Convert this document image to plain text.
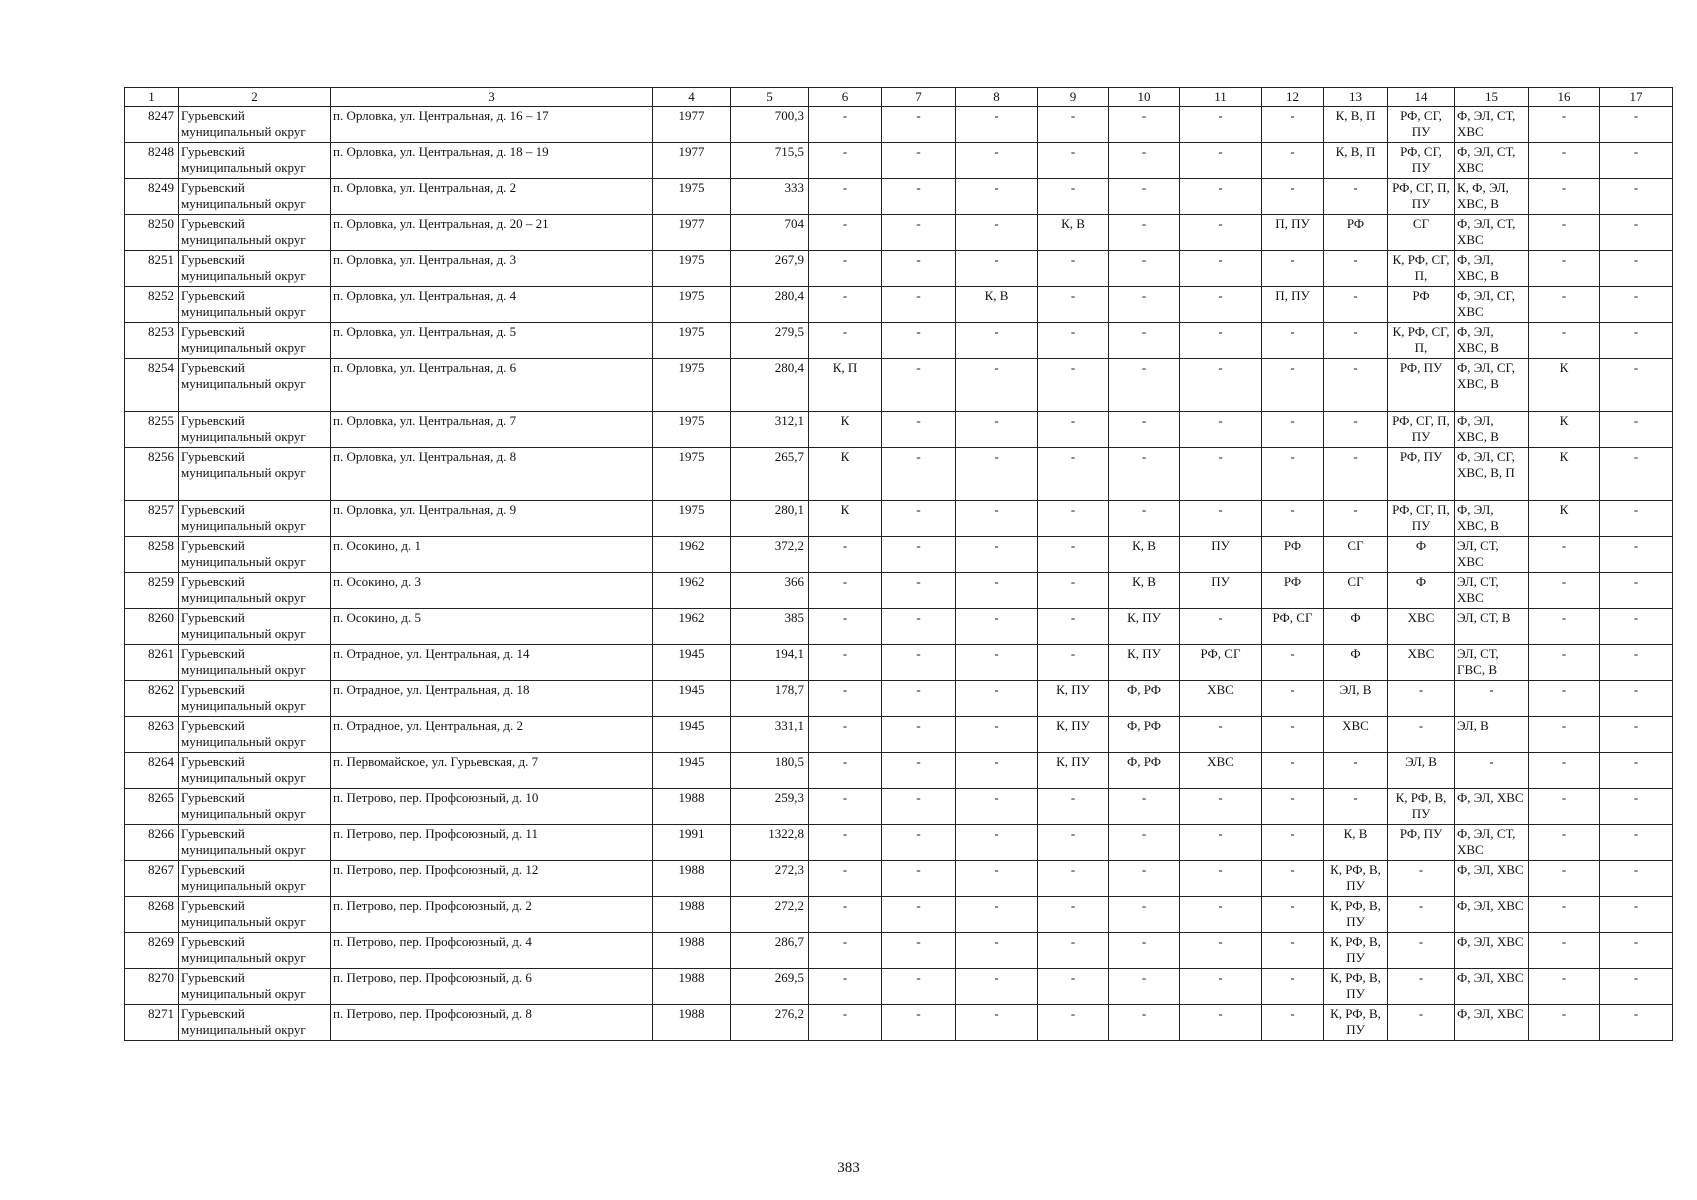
1	2	3	4	5	6	7	8	9	10	11	12	13	14	15	16	17
8247	Гурьевский муниципальный округ	п. Орловка, ул. Центральная, д. 16 – 17	1977	700,3	-	-	-	-	-	-	-	К, В, П	РФ, СГ, ПУ	Ф, ЭЛ, СТ, ХВС	-	-
8248	Гурьевский муниципальный округ	п. Орловка, ул. Центральная, д. 18 – 19	1977	715,5	-	-	-	-	-	-	-	К, В, П	РФ, СГ, ПУ	Ф, ЭЛ, СТ, ХВС	-	-
8249	Гурьевский муниципальный округ	п. Орловка, ул. Центральная, д. 2	1975	333	-	-	-	-	-	-	-	-	РФ, СГ, П, ПУ	К, Ф, ЭЛ, ХВС, В	-	-
8250	Гурьевский муниципальный округ	п. Орловка, ул. Центральная, д. 20 – 21	1977	704	-	-	-	К, В	-	-	П, ПУ	РФ	СГ	Ф, ЭЛ, СТ, ХВС	-	-
8251	Гурьевский муниципальный округ	п. Орловка, ул. Центральная, д. 3	1975	267,9	-	-	-	-	-	-	-	-	К, РФ, СГ, П,	Ф, ЭЛ, ХВС, В	-	-
8252	Гурьевский муниципальный округ	п. Орловка, ул. Центральная, д. 4	1975	280,4	-	-	К, В	-	-	-	П, ПУ	-	РФ	Ф, ЭЛ, СГ, ХВС	-	-
8253	Гурьевский муниципальный округ	п. Орловка, ул. Центральная, д. 5	1975	279,5	-	-	-	-	-	-	-	-	К, РФ, СГ, П,	Ф, ЭЛ, ХВС, В	-	-
8254	Гурьевский муниципальный округ	п. Орловка, ул. Центральная, д. 6	1975	280,4	К, П	-	-	-	-	-	-	-	РФ, ПУ	Ф, ЭЛ, СГ, ХВС, В	К	-
8255	Гурьевский муниципальный округ	п. Орловка, ул. Центральная, д. 7	1975	312,1	К	-	-	-	-	-	-	-	РФ, СГ, П, ПУ	Ф, ЭЛ, ХВС, В	К	-
8256	Гурьевский муниципальный округ	п. Орловка, ул. Центральная, д. 8	1975	265,7	К	-	-	-	-	-	-	-	РФ, ПУ	Ф, ЭЛ, СГ, ХВС, В, П	К	-
8257	Гурьевский муниципальный округ	п. Орловка, ул. Центральная, д. 9	1975	280,1	К	-	-	-	-	-	-	-	РФ, СГ, П, ПУ	Ф, ЭЛ, ХВС, В	К	-
8258	Гурьевский муниципальный округ	п. Осокино, д. 1	1962	372,2	-	-	-	-	К, В	ПУ	РФ	СГ	Ф	ЭЛ, СТ, ХВС	-	-
8259	Гурьевский муниципальный округ	п. Осокино, д. 3	1962	366	-	-	-	-	К, В	ПУ	РФ	СГ	Ф	ЭЛ, СТ, ХВС	-	-
8260	Гурьевский муниципальный округ	п. Осокино, д. 5	1962	385	-	-	-	-	К, ПУ	-	РФ, СГ	Ф	ХВС	ЭЛ, СТ, В	-	-
8261	Гурьевский муниципальный округ	п. Отрадное, ул. Центральная, д. 14	1945	194,1	-	-	-	-	К, ПУ	РФ, СГ	-	Ф	ХВС	ЭЛ, СТ, ГВС, В	-	-
8262	Гурьевский муниципальный округ	п. Отрадное, ул. Центральная, д. 18	1945	178,7	-	-	-	К, ПУ	Ф, РФ	ХВС	-	ЭЛ, В	-	-	-	-
8263	Гурьевский муниципальный округ	п. Отрадное, ул. Центральная, д. 2	1945	331,1	-	-	-	К, ПУ	Ф, РФ	-	-	ХВС	-	ЭЛ, В	-	-
8264	Гурьевский муниципальный округ	п. Первомайское, ул. Гурьевская, д. 7	1945	180,5	-	-	-	К, ПУ	Ф, РФ	ХВС	-	-	ЭЛ, В	-	-	-
8265	Гурьевский муниципальный округ	п. Петрово, пер. Профсоюзный, д. 10	1988	259,3	-	-	-	-	-	-	-	-	К, РФ, В, ПУ	Ф, ЭЛ, ХВС	-	-
8266	Гурьевский муниципальный округ	п. Петрово, пер. Профсоюзный, д. 11	1991	1322,8	-	-	-	-	-	-	-	К, В	РФ, ПУ	Ф, ЭЛ, СТ, ХВС	-	-
8267	Гурьевский муниципальный округ	п. Петрово, пер. Профсоюзный, д. 12	1988	272,3	-	-	-	-	-	-	-	К, РФ, В, ПУ	-	Ф, ЭЛ, ХВС	-	-
8268	Гурьевский муниципальный округ	п. Петрово, пер. Профсоюзный, д. 2	1988	272,2	-	-	-	-	-	-	-	К, РФ, В, ПУ	-	Ф, ЭЛ, ХВС	-	-
8269	Гурьевский муниципальный округ	п. Петрово, пер. Профсоюзный, д. 4	1988	286,7	-	-	-	-	-	-	-	К, РФ, В, ПУ	-	Ф, ЭЛ, ХВС	-	-
8270	Гурьевский муниципальный округ	п. Петрово, пер. Профсоюзный, д. 6	1988	269,5	-	-	-	-	-	-	-	К, РФ, В, ПУ	-	Ф, ЭЛ, ХВС	-	-
8271	Гурьевский муниципальный округ	п. Петрово, пер. Профсоюзный, д. 8	1988	276,2	-	-	-	-	-	-	-	К, РФ, В, ПУ	-	Ф, ЭЛ, ХВС	-	-
383
